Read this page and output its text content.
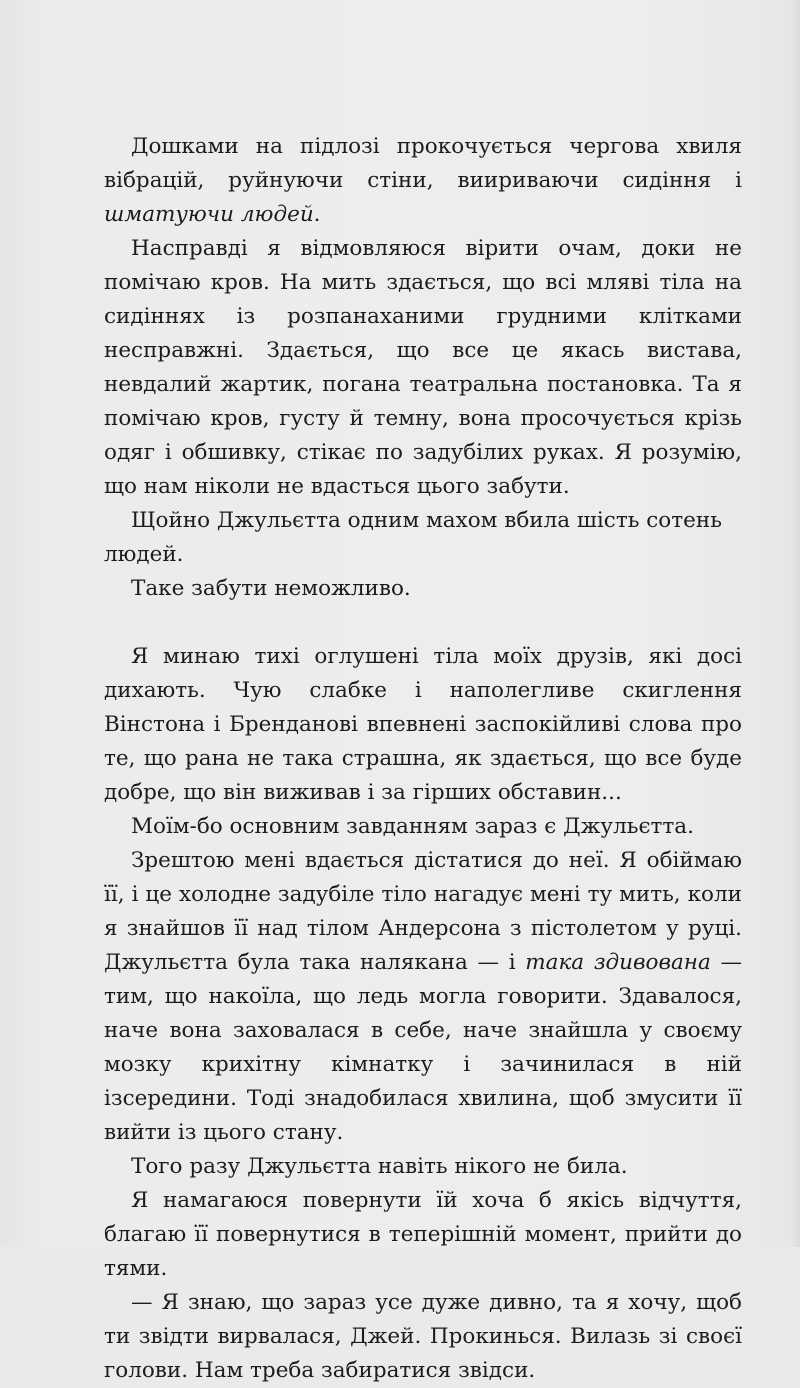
Дошками на підлозі прокочується чергова хвиля вібрацій, руйнуючи стіни, виириваючи сидіння і шматуючи людей.

Насправді я відмовляюся вірити очам, доки не помічаю кров. На мить здається, що всі мляві тіла на сидіннях із розпанаханими грудними клітками несправжні. Здається, що все це якась вистава, невдалий жартик, погана театральна постановка. Та я помічаю кров, густу й темну, вона просочується крізь одяг і обшивку, стікає по задубілих руках. Я розумію, що нам ніколи не вдасться цього забути.

Щойно Джульєтта одним махом вбила шість сотень людей.

Таке забути неможливо.

Я минаю тихі оглушені тіла моїх друзів, які досі дихають. Чую слабке і наполегливе скиглення Вінстона і Бренданові впевнені заспокійливі слова про те, що рана не така страшна, як здається, що все буде добре, що він виживав і за гірших обставин...

Моїм-бо основним завданням зараз є Джульєтта.

Зрештою мені вдається дістатися до неї. Я обіймаю її, і це холодне задубіле тіло нагадує мені ту мить, коли я знайшов її над тілом Андерсона з пістолетом у руці. Джульєтта була така налякана — і така здивована — тим, що накоїла, що ледь могла говорити. Здавалося, наче вона заховалася в себе, наче знайшла у своєму мозку крихітну кімнатку і зачинилася в ній ізсередини. Тоді знадобилася хвилина, щоб змусити її вийти із цього стану.

Того разу Джульєтта навіть нікого не била.

Я намагаюся повернути їй хоча б якісь відчуття, благаю її повернутися в теперішній момент, прийти до тями.

— Я знаю, що зараз усе дуже дивно, та я хочу, щоб ти звідти вирвалася, Джей. Прокинься. Вилазь зі своєї голови. Нам треба забиратися звідси.
